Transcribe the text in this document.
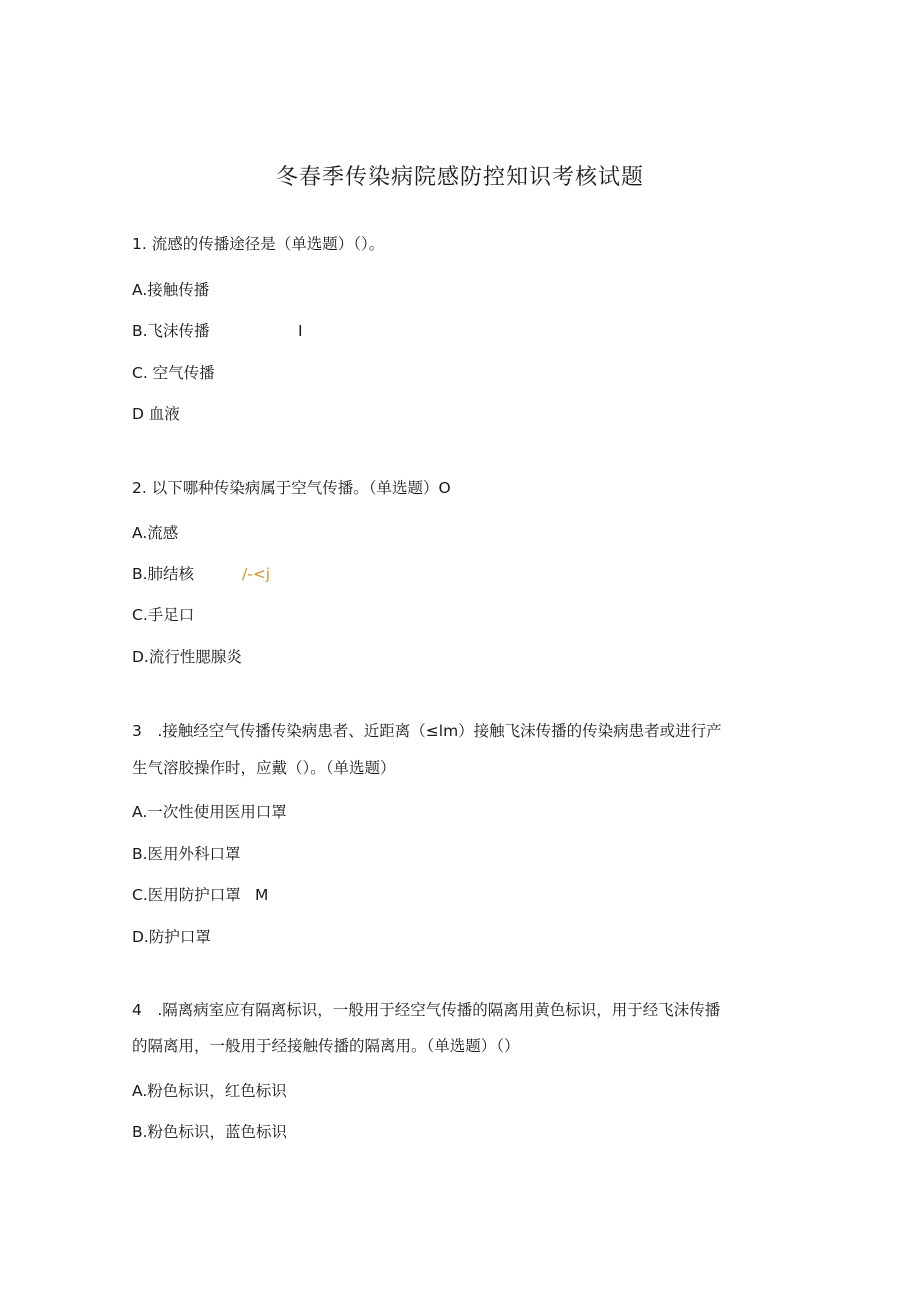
冬春季传染病院感防控知识考核试题
1. 流感的传播途径是（单选题）（）。
A.接触传播
B.飞沫传播	I
C. 空气传播
D 血液
2. 以下哪种传染病属于空气传播。（单选题）O
A.流感
B.肺结核	/-<j
C.手足口
D.流行性腮腺炎
3　.接触经空气传播传染病患者、近距离（≤lm）接触飞沫传播的传染病患者或进行产
生气溶胶操作时，应戴（）。（单选题）
A.一次性使用医用口罩
B.医用外科口罩
C.医用防护口罩 M
D.防护口罩
4　.隔离病室应有隔离标识，一般用于经空气传播的隔离用黄色标识，用于经飞沫传播
的隔离用，一般用于经接触传播的隔离用。（单选题）（）
A.粉色标识，红色标识
B.粉色标识，蓝色标识
